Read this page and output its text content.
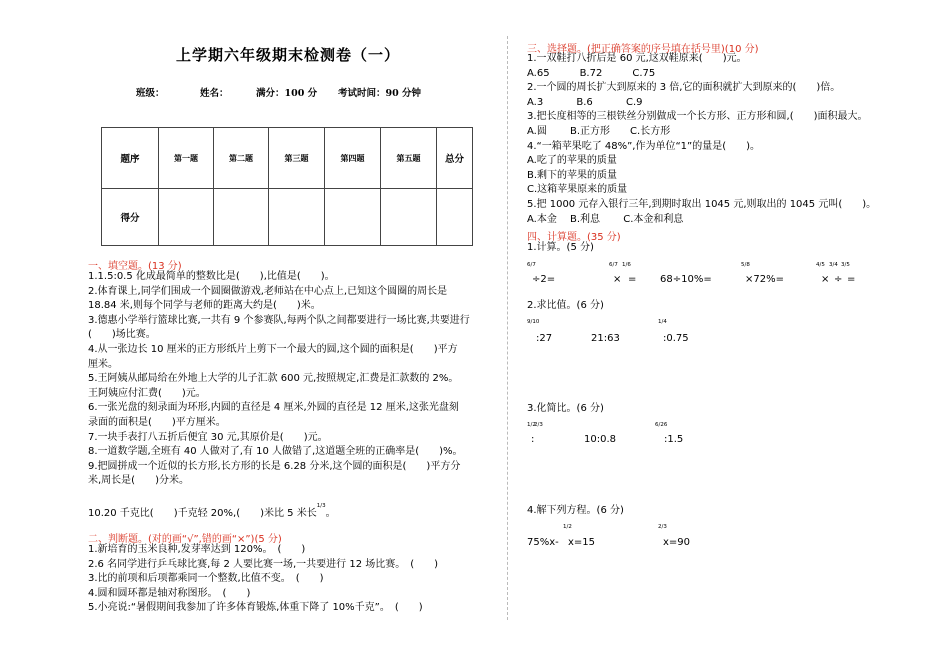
上学期六年级期末检测卷（一）
班级：	姓名：	满分：100 分 考试时间：90 分钟
题序	第一题	第二题	第三题	第四题	第五题	总分
得分						
一、填空题。(13 分)
1.1.5:0.5 化成最简单的整数比是(　　),比值是(　　)。
2.体育课上,同学们围成一个圆圈做游戏,老师站在中心点上,已知这个圆圈的周长是
18.84 米,则每个同学与老师的距离大约是(　　)米。
3.德惠小学举行篮球比赛,一共有 9 个参赛队,每两个队之间都要进行一场比赛,共要进行
(　　)场比赛。
4.从一张边长 10 厘米的正方形纸片上剪下一个最大的圆,这个圆的面积是(　　)平方
厘米。
5.王阿姨从邮局给在外地上大学的儿子汇款 600 元,按照规定,汇费是汇款数的 2%。
王阿姨应付汇费(　　)元。
6.一张光盘的刻录面为环形,内圆的直径是 4 厘米,外圆的直径是 12 厘米,这张光盘刻
录面的面积是(　　)平方厘米。
7.一块手表打八五折后便宜 30 元,其原价是(　　)元。
8.一道数学题,全班有 40 人做对了,有 10 人做错了,这道题全班的正确率是(　　)%。
9.把圆拼成一个近似的长方形,长方形的长是 6.28 分米,这个圆的面积是(　　)平方分
米,周长是(　　)分米。
10.20 千克比(　　)千克轻 20%,(　　)米比 5 米长$^{1/3}$。
二、判断题。(对的画“√”,错的画“×”)(5 分)
1.新培育的玉米良种,发芽率达到 120%。　(　　)
2.6 名同学进行乒乓球比赛,每 2 人要比赛一场,一共要进行 12 场比赛。　(　　)
3.比的前项和后项都乘同一个整数,比值不变。　(　　)
4.圆和圆环都是轴对称图形。　(　　)
5.小亮说:“暑假期间我参加了许多体育锻炼,体重下降了 10%千克”。　(　　)
三、选择题。(把正确答案的序号填在括号里)(10 分)
1.一双鞋打八折后是 60 元,这双鞋原来(　　)元。
A.65　　　B.72　　　C.75
2.一个圆的周长扩大到原来的 3 倍,它的面积就扩大到原来的(　　)倍。
A.3　　　 B.6　　　 C.9
3.把长度相等的三根铁丝分别做成一个长方形、正方形和圆,(　　)面积最大。
A.圆　　 B.正方形　　C.长方形
4.“一箱苹果吃了 48%”,作为单位“1”的量是(　　)。
A.吃了的苹果的质量
B.剩下的苹果的质量
C.这箱苹果原来的质量
5.把 1000 元存入银行三年,到期时取出 1045 元,则取出的 1045 元叫(　　)。
A.本金　 B.利息　　 C.本金和利息
四、计算题。(35 分)
1.计算。(5 分)
6/7
÷2=
6/7
×
1/6
= 68÷10%=
5/8
×72%=
4/5
×
3/4
÷
3/5
=
2.求比值。(6 分)
9/10
:27	21:63
1/4
:0.75
3.化简比。(6 分)
1/2
:
2/3
10:0.8
6/26
:1.5
4.解下列方程。(6 分)
75%x-
1/2
x=15
2/3
x=90
